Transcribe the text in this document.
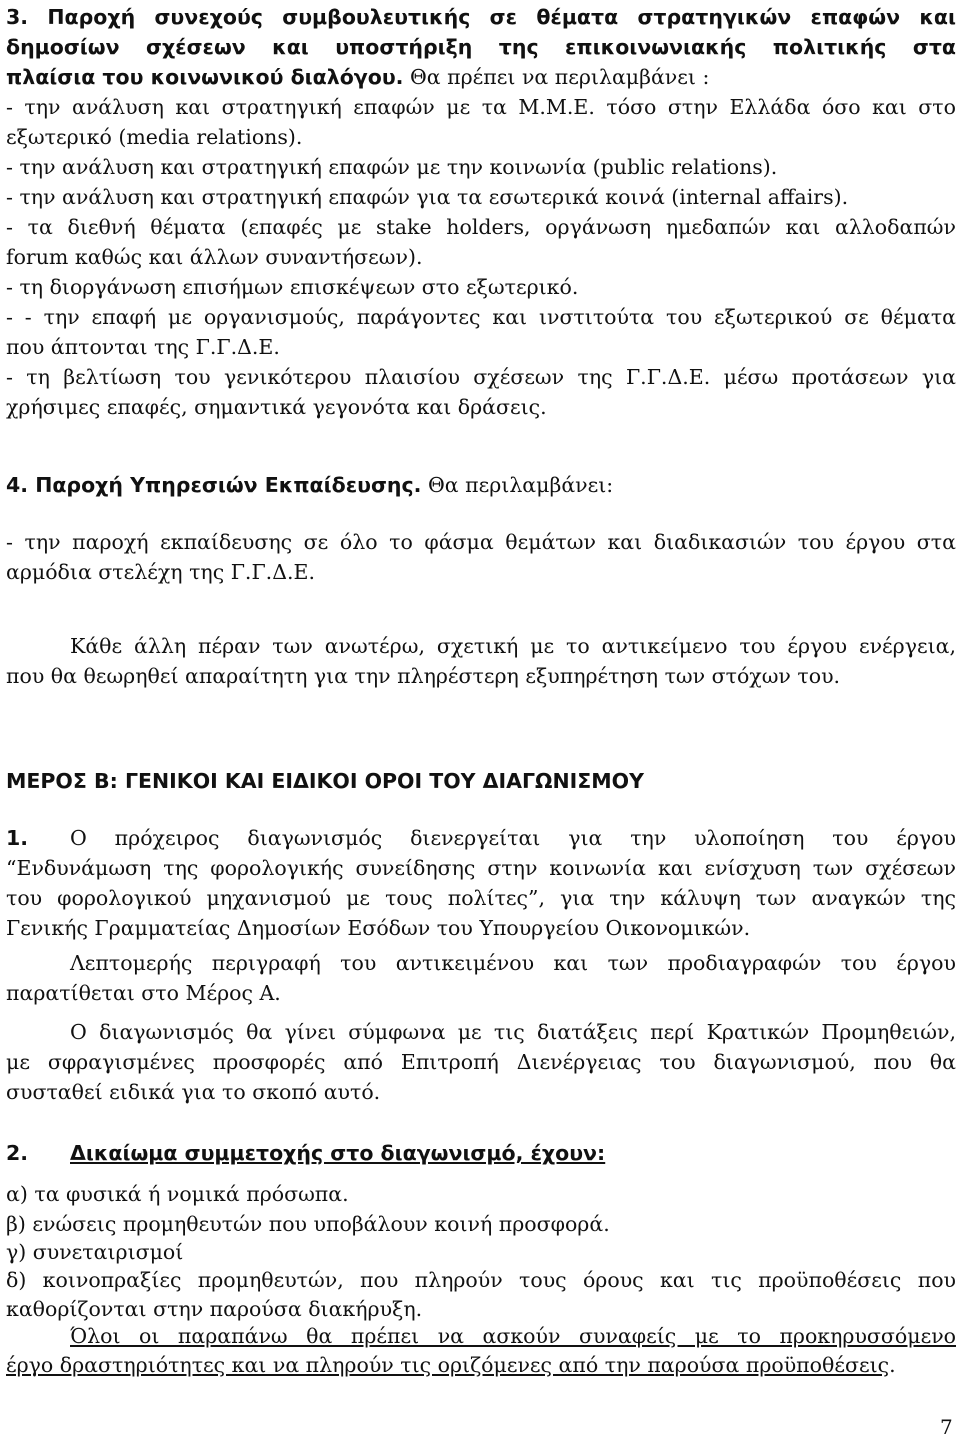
3. Παροχή συνεχούς συμβουλευτικής σε θέματα στρατηγικών επαφών και
δημοσίων σχέσεων και υποστήριξη της επικοινωνιακής πολιτικής στα
πλαίσια του κοινωνικού διαλόγου. Θα πρέπει να περιλαμβάνει :
- την ανάλυση και στρατηγική επαφών με τα Μ.Μ.Ε. τόσο στην Ελλάδα όσο και στο
εξωτερικό (media relations).
- την ανάλυση και στρατηγική επαφών με την κοινωνία (public relations).
- την ανάλυση και στρατηγική επαφών για τα εσωτερικά κοινά (internal affairs).
- τα διεθνή θέματα (επαφές με stake holders, οργάνωση ημεδαπών και αλλοδαπών
forum καθώς και άλλων συναντήσεων).
- τη διοργάνωση επισήμων επισκέψεων στο εξωτερικό.
- - την επαφή με οργανισμούς, παράγοντες και ινστιτούτα του εξωτερικού σε θέματα
που άπτονται της Γ.Γ.Δ.Ε.
- τη βελτίωση του γενικότερου πλαισίου σχέσεων της Γ.Γ.Δ.Ε. μέσω προτάσεων για
χρήσιμες επαφές, σημαντικά γεγονότα και δράσεις.
4. Παροχή Υπηρεσιών Εκπαίδευσης. Θα περιλαμβάνει:
- την παροχή εκπαίδευσης σε όλο το φάσμα θεμάτων και διαδικασιών του έργου στα
αρμόδια στελέχη της Γ.Γ.Δ.Ε.
Κάθε άλλη πέραν των ανωτέρω, σχετική με το αντικείμενο του έργου ενέργεια,
που θα θεωρηθεί απαραίτητη για την πληρέστερη εξυπηρέτηση των στόχων του.
ΜΕΡΟΣ Β: ΓΕΝΙΚΟΙ ΚΑΙ ΕΙΔΙΚΟΙ ΟΡΟΙ ΤΟΥ ΔΙΑΓΩΝΙΣΜΟΥ
1.	Ο πρόχειρος διαγωνισμός διενεργείται για την υλοποίηση του έργου
“Ενδυνάμωση της φορολογικής συνείδησης στην κοινωνία και ενίσχυση των σχέσεων
του φορολογικού μηχανισμού με τους πολίτες”, για την κάλυψη των αναγκών της
Γενικής Γραμματείας Δημοσίων Εσόδων του Υπουργείου Οικονομικών.
Λεπτομερής περιγραφή του αντικειμένου και των προδιαγραφών του έργου
παρατίθεται στο Μέρος Α.
Ο διαγωνισμός θα γίνει σύμφωνα με τις διατάξεις περί Κρατικών Προμηθειών,
με σφραγισμένες προσφορές από Επιτροπή Διενέργειας του διαγωνισμού, που θα
συσταθεί ειδικά για το σκοπό αυτό.
2.	Δικαίωμα συμμετοχής στο διαγωνισμό, έχουν:
α) τα φυσικά ή νομικά πρόσωπα.
β) ενώσεις προμηθευτών που υποβάλουν κοινή προσφορά.
γ) συνεταιρισμοί
δ) κοινοπραξίες προμηθευτών, που πληρούν τους όρους και τις προϋποθέσεις που
καθορίζονται στην παρούσα διακήρυξη.
Όλοι οι παραπάνω θα πρέπει να ασκούν συναφείς με το προκηρυσσόμενο
έργο δραστηριότητες και να πληρούν τις οριζόμενες από την παρούσα προϋποθέσεις.
7
